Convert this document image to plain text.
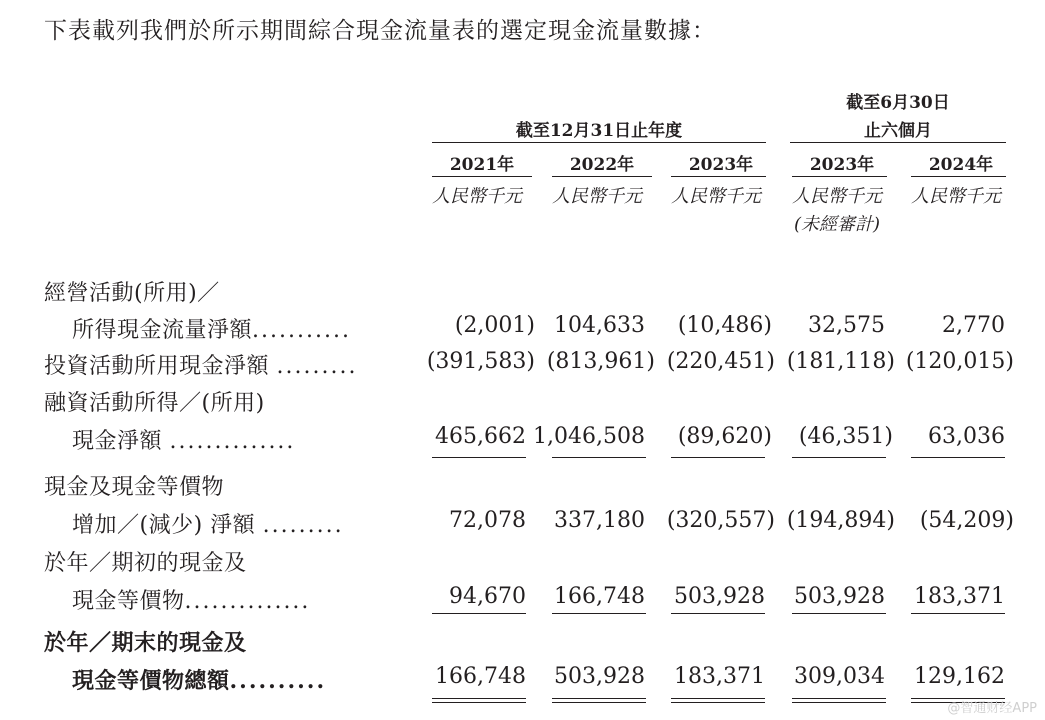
下表載列我們於所示期間綜合現金流量表的選定現金流量數據：
截至12月31日止年度
截至6月30日
止六個月
2021年	2022年	2023年	2023年	2024年
人民幣千元	人民幣千元	人民幣千元	人民幣千元	人民幣千元
(未經審計)
經營活動(所用)／
所得現金流量淨額...........	(2,001) 104,633	(10,486)	32,575	2,770
投資活動所用現金淨額 .........	(391,583) (813,961) (220,451) (181,118) (120,015)
融資活動所得／(所用)
現金淨額 ..............	465,662 1,046,508	(89,620)	(46,351)	63,036
現金及現金等價物
增加／(減少) 淨額 .........	72,078	337,180 (320,557) (194,894)	(54,209)
於年／期初的現金及
現金等價物..............	94,670	166,748	503,928	503,928	183,371
於年／期末的現金及
現金等價物總額..........	166,748	503,928	183,371	309,034	129,162
@智通财经APP
